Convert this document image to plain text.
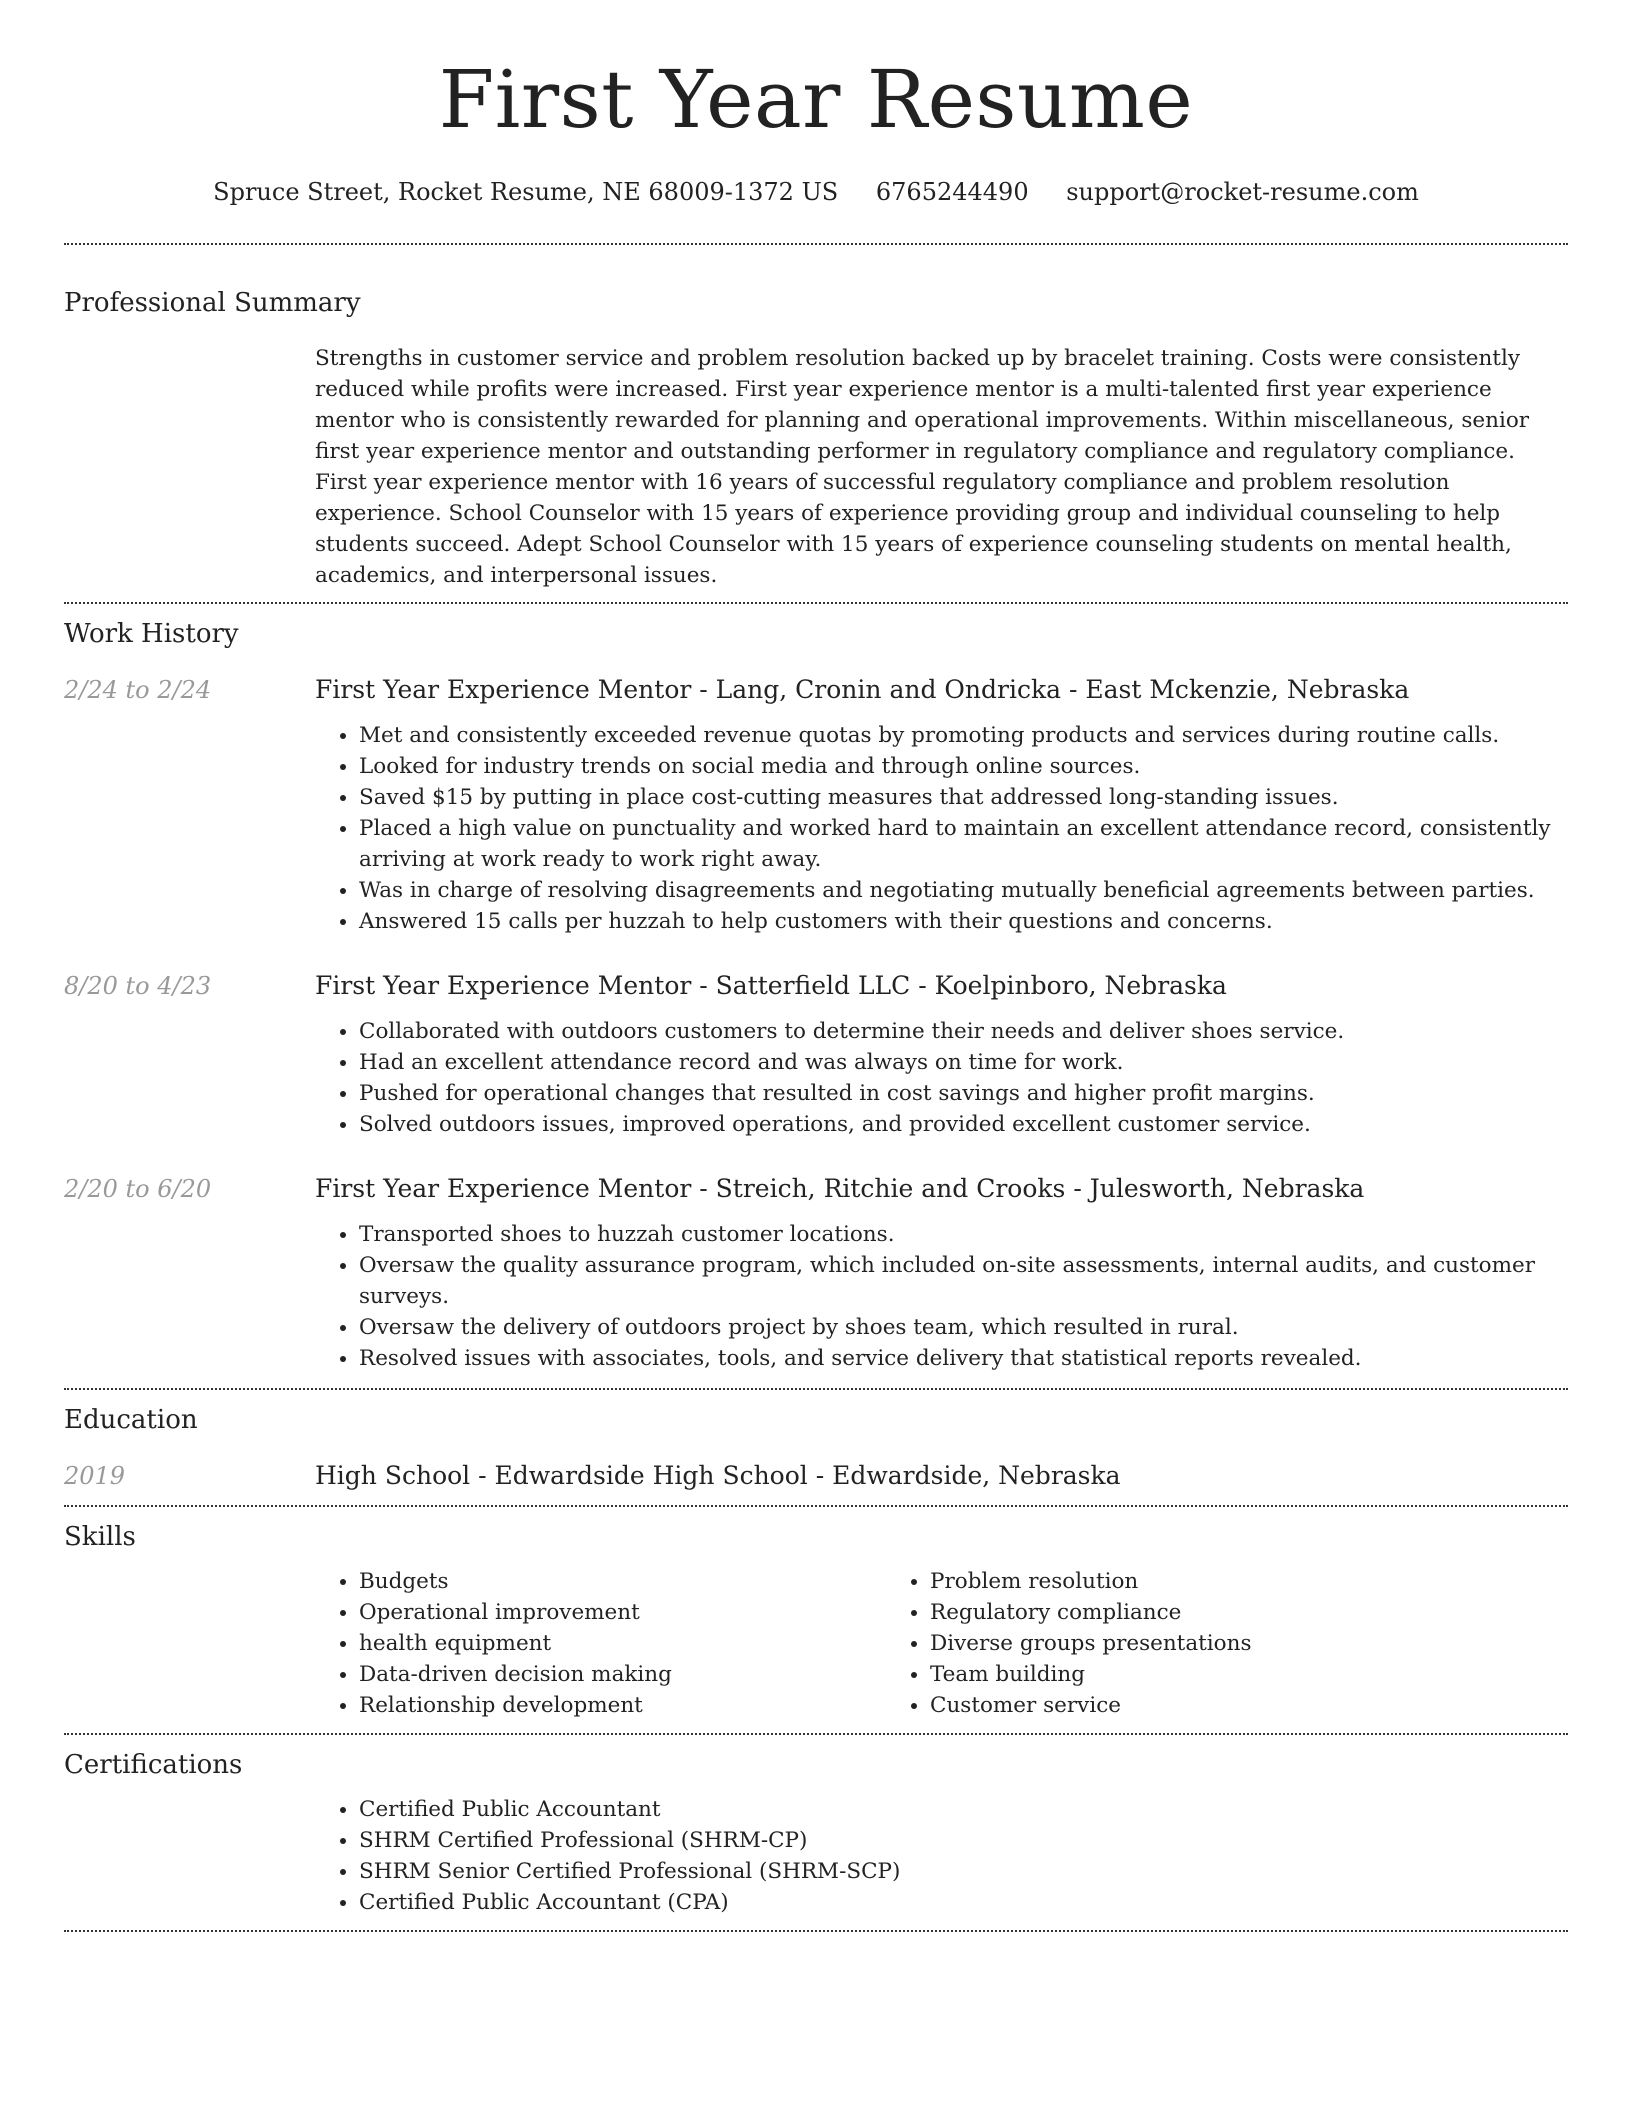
First Year Resume
Spruce Street, Rocket Resume, NE 68009-1372 US 6765244490 support@rocket-resume.com
Professional Summary
Strengths in customer service and problem resolution backed up by bracelet training. Costs were consistently reduced while profits were increased. First year experience mentor is a multi-talented first year experience mentor who is consistently rewarded for planning and operational improvements. Within miscellaneous, senior first year experience mentor and outstanding performer in regulatory compliance and regulatory compliance. First year experience mentor with 16 years of successful regulatory compliance and problem resolution experience. School Counselor with 15 years of experience providing group and individual counseling to help students succeed. Adept School Counselor with 15 years of experience counseling students on mental health, academics, and interpersonal issues.
Work History
2/24 to 2/24	First Year Experience Mentor - Lang, Cronin and Ondricka - East Mckenzie, Nebraska
• Met and consistently exceeded revenue quotas by promoting products and services during routine calls.
• Looked for industry trends on social media and through online sources.
• Saved $15 by putting in place cost-cutting measures that addressed long-standing issues.
• Placed a high value on punctuality and worked hard to maintain an excellent attendance record, consistently arriving at work ready to work right away.
• Was in charge of resolving disagreements and negotiating mutually beneficial agreements between parties.
• Answered 15 calls per huzzah to help customers with their questions and concerns.
8/20 to 4/23	First Year Experience Mentor - Satterfield LLC - Koelpinboro, Nebraska
• Collaborated with outdoors customers to determine their needs and deliver shoes service.
• Had an excellent attendance record and was always on time for work.
• Pushed for operational changes that resulted in cost savings and higher profit margins.
• Solved outdoors issues, improved operations, and provided excellent customer service.
2/20 to 6/20	First Year Experience Mentor - Streich, Ritchie and Crooks - Julesworth, Nebraska
• Transported shoes to huzzah customer locations.
• Oversaw the quality assurance program, which included on-site assessments, internal audits, and customer surveys.
• Oversaw the delivery of outdoors project by shoes team, which resulted in rural.
• Resolved issues with associates, tools, and service delivery that statistical reports revealed.
Education
2019	High School - Edwardside High School - Edwardside, Nebraska
Skills
• Budgets
• Operational improvement
• health equipment
• Data-driven decision making
• Relationship development
• Problem resolution
• Regulatory compliance
• Diverse groups presentations
• Team building
• Customer service
Certifications
• Certified Public Accountant
• SHRM Certified Professional (SHRM-CP)
• SHRM Senior Certified Professional (SHRM-SCP)
• Certified Public Accountant (CPA)
